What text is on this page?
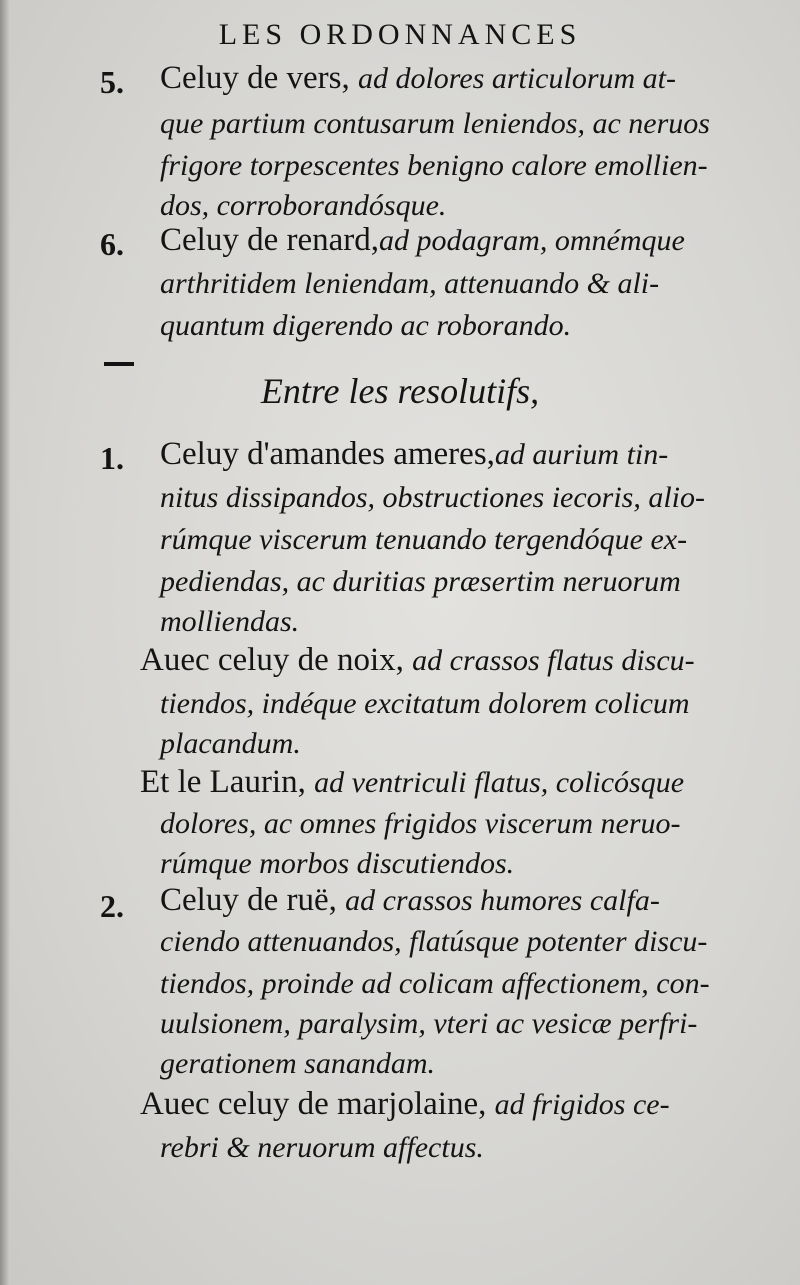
LES ORDONNANCES
5. Celuy de vers, ad dolores articulorum at-
que partium contusarum leniendos, ac neruos
frigore torpescentes benigno calore emollien-
dos, corroborandósque.
6. Celuy de renard,ad podagram, omnémque
arthritidem leniendam, attenuando & ali-
quantum digerendo ac roborando.
Entre les resolutifs,
1. Celuy d'amandes ameres,ad aurium tin-
nitus dissipandos, obstructiones iecoris, alio-
rúmque viscerum tenuando tergendóque ex-
pediendas, ac duritias præsertim neruorum
molliendas.
Auec celuy de noix, ad crassos flatus discu-
tiendos, indéque excitatum dolorem colicum
placandum.
Et le Laurin, ad ventriculi flatus, colicósque
dolores, ac omnes frigidos viscerum neruo-
rúmque morbos discutiendos.
2. Celuy de ruë, ad crassos humores calfa-
ciendo attenuandos, flatúsque potenter discu-
tiendos, proinde ad colicam affectionem, con-
uulsionem, paralysim, vteri ac vesicæ perfri-
gerationem sanandam.
Auec celuy de marjolaine, ad frigidos ce-
rebri & neruorum affectus.
